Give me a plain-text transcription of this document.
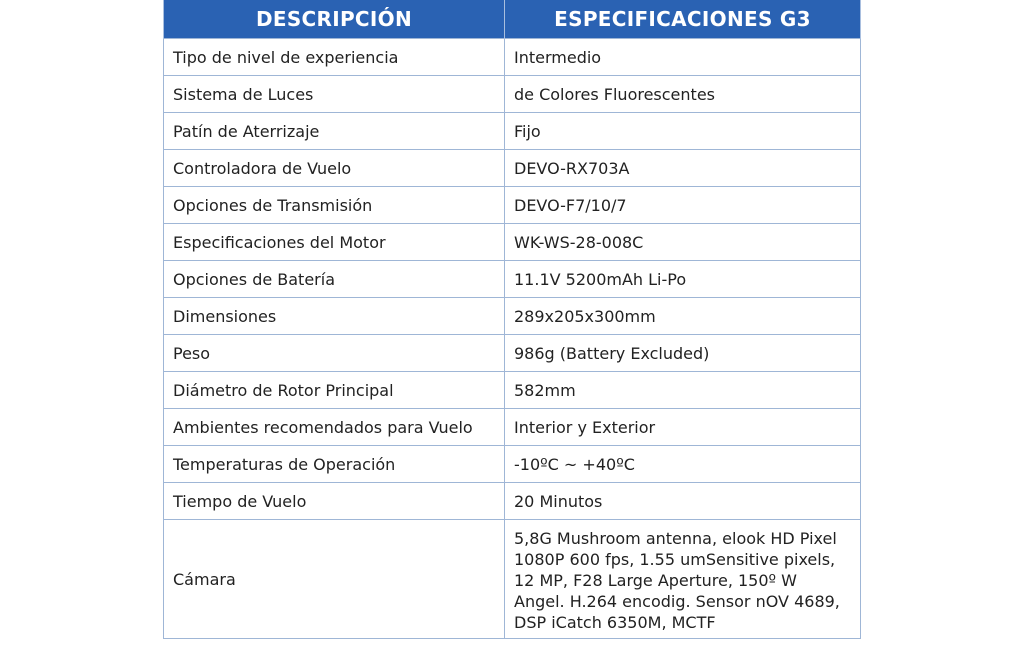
DESCRIPCIÓN	ESPECIFICACIONES G3
Tipo de nivel de experiencia	Intermedio
Sistema de Luces	de Colores Fluorescentes
Patín de Aterrizaje	Fijo
Controladora de Vuelo	DEVO-RX703A
Opciones de Transmisión	DEVO-F7/10/7
Especificaciones del Motor	WK-WS-28-008C
Opciones de Batería	11.1V 5200mAh Li-Po
Dimensiones	289x205x300mm
Peso	986g (Battery Excluded)
Diámetro de Rotor Principal	582mm
Ambientes recomendados para Vuelo	Interior y Exterior
Temperaturas de Operación	-10ºC ~ +40ºC
Tiempo de Vuelo	20 Minutos
Cámara	5,8G Mushroom antenna, elook HD Pixel 1080P 600 fps, 1.55 umSensitive pixels, 12 MP, F28 Large Aperture, 150º W Angel. H.264 encodig. Sensor nOV 4689, DSP iCatch 6350M, MCTF
